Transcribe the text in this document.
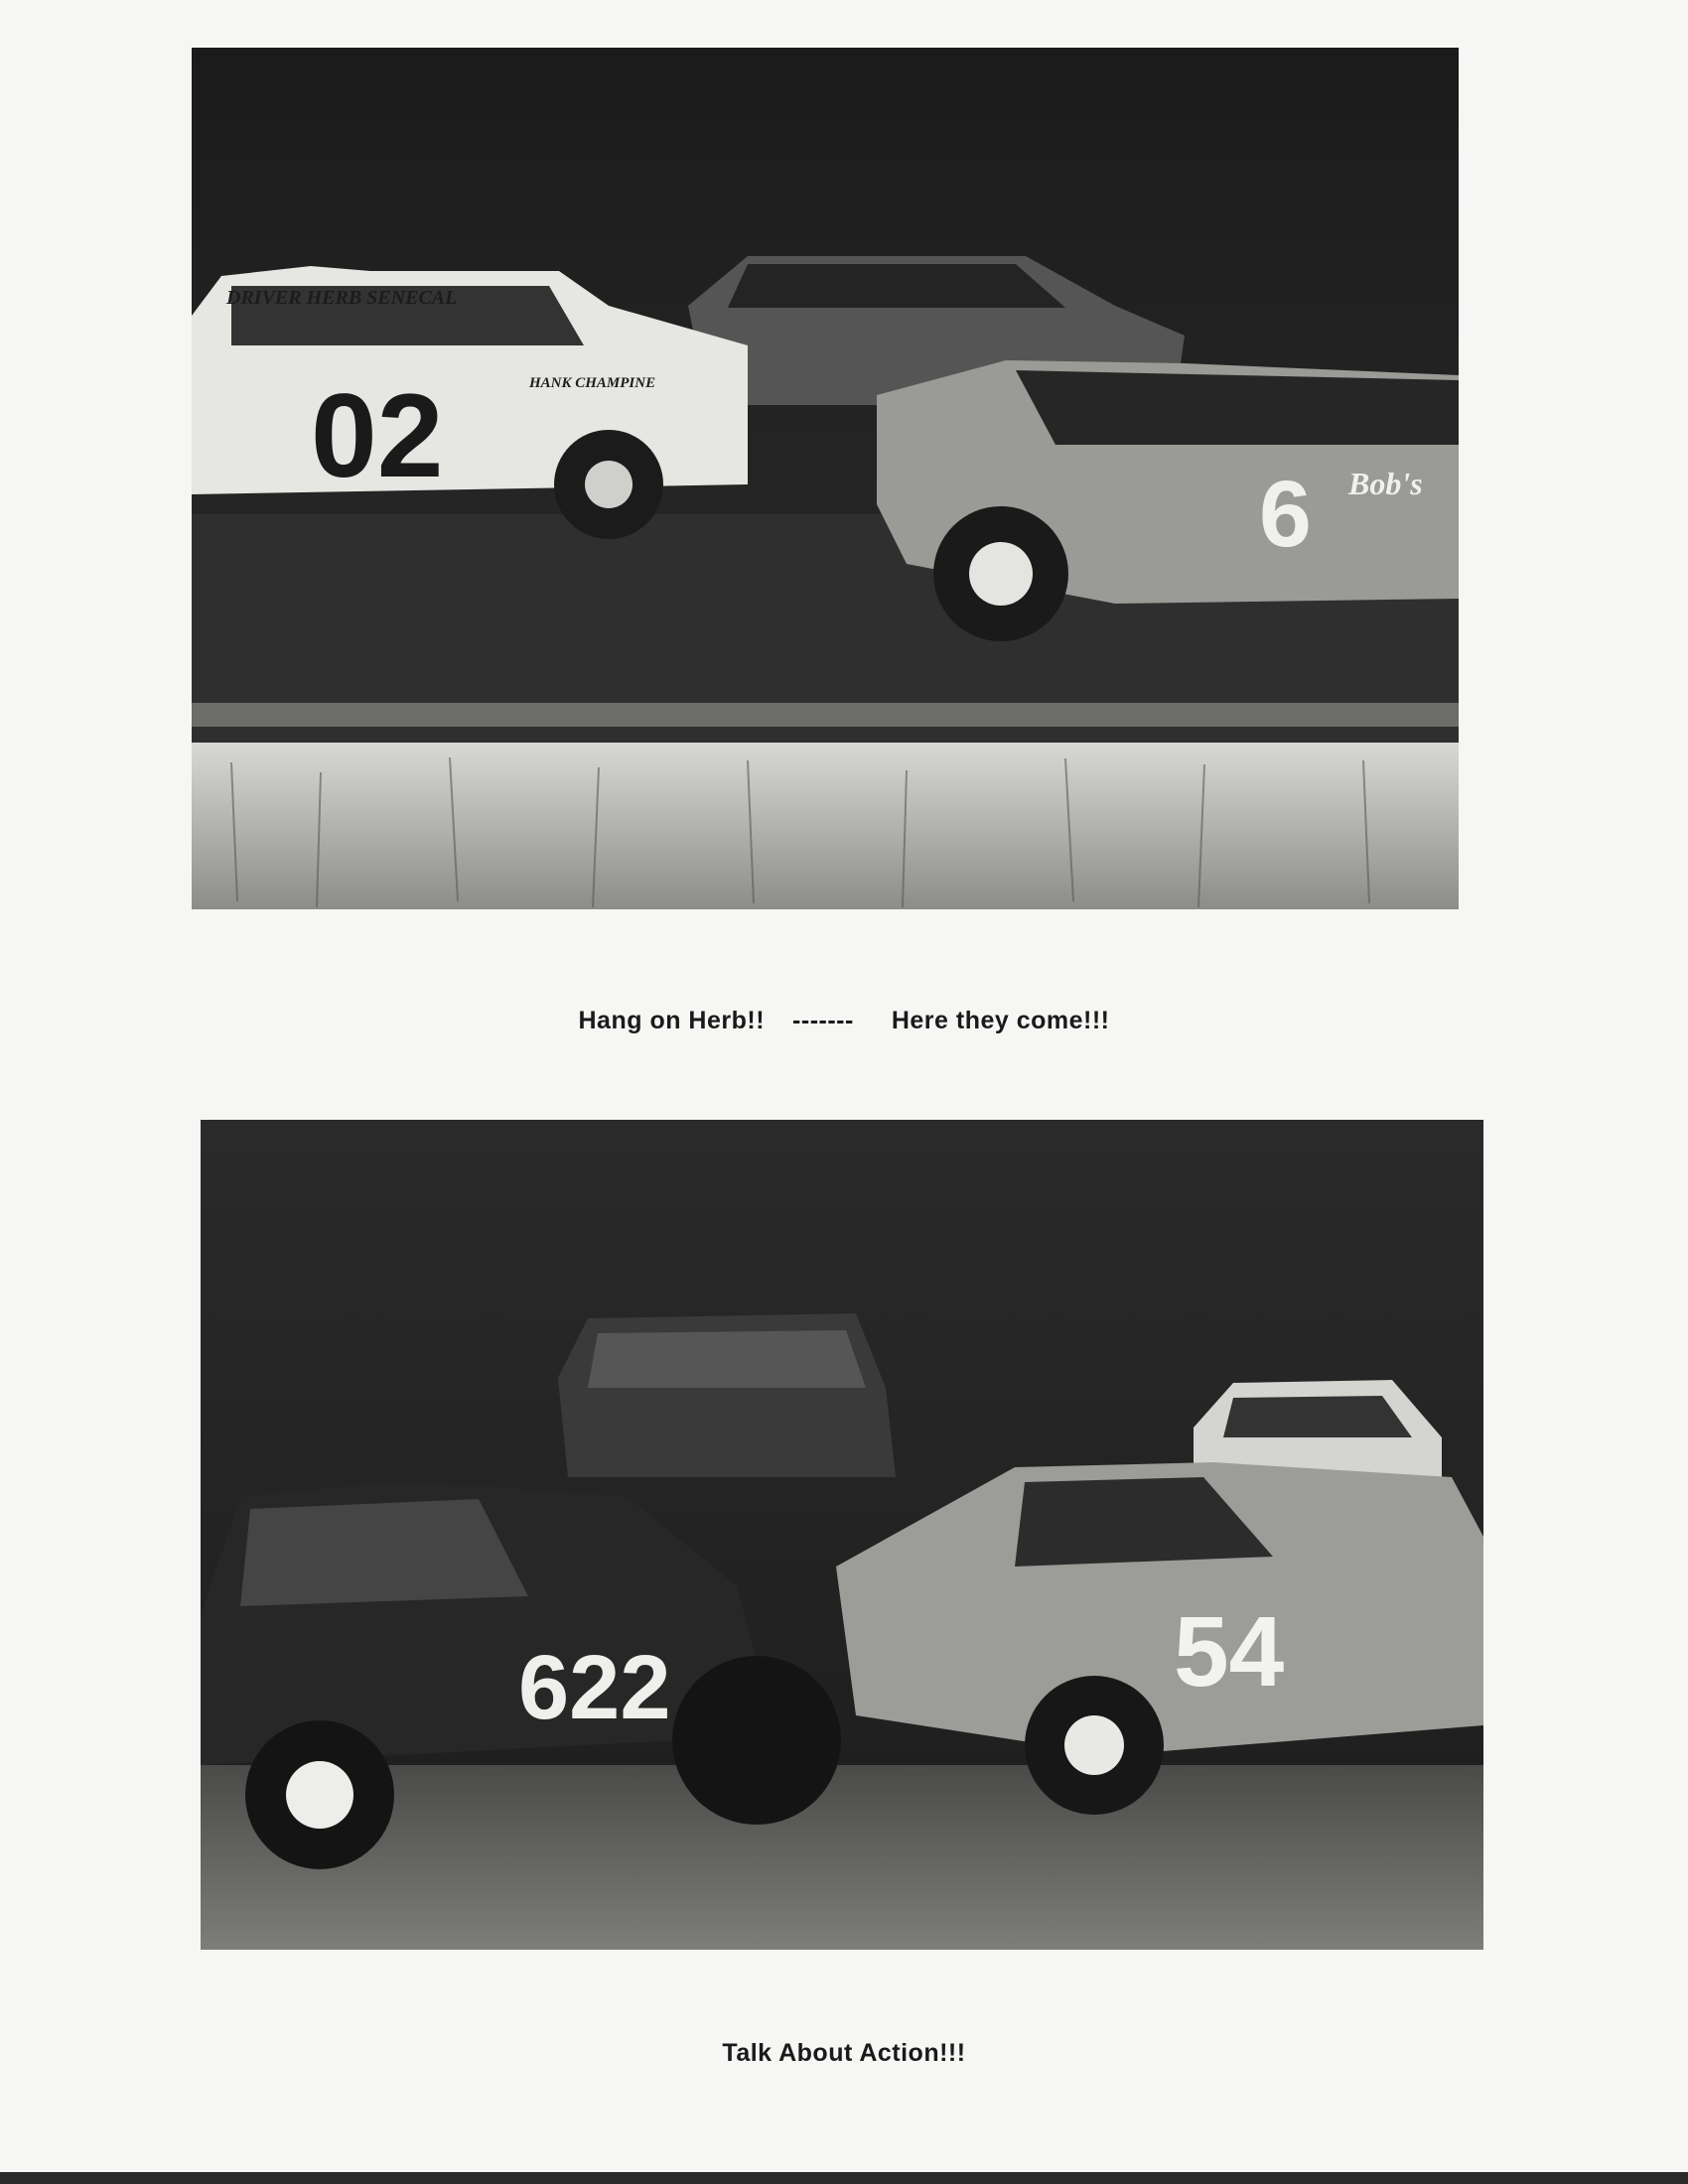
DRIVER HERB SENECAL
HANK CHAMPINE
02
6 Bob's
Hang on Herb!! ------- Here they come!!!
622	54
Talk About Action!!!
